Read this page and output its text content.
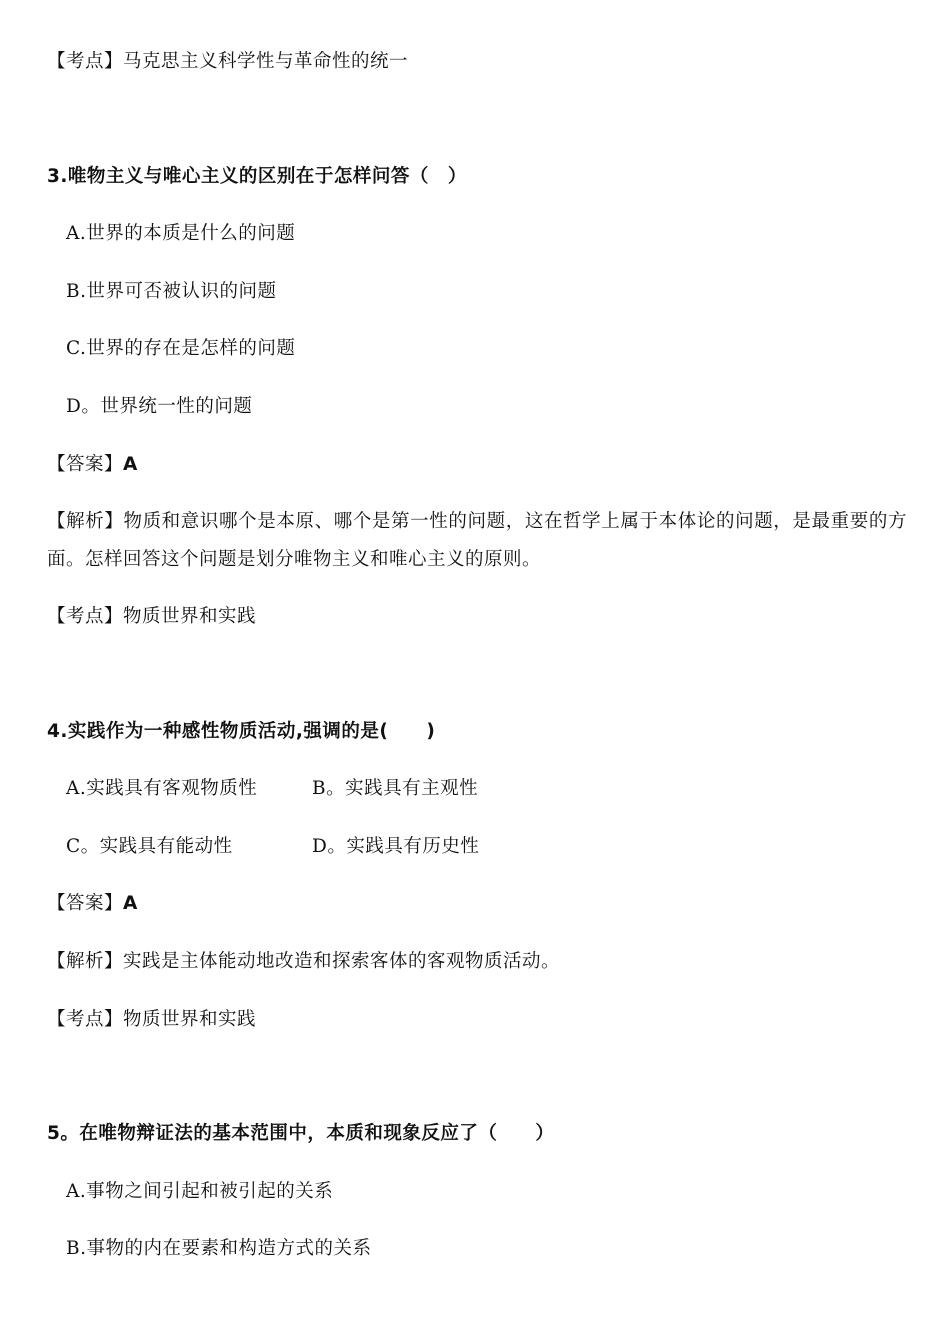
【考点】马克思主义科学性与革命性的统一
3.唯物主义与唯心主义的区别在于怎样问答（　）
A.世界的本质是什么的问题
B.世界可否被认识的问题
C.世界的存在是怎样的问题
D。世界统一性的问题
【答案】A
【解析】物质和意识哪个是本原、哪个是第一性的问题，这在哲学上属于本体论的问题，是最重要的方面。怎样回答这个问题是划分唯物主义和唯心主义的原则。
【考点】物质世界和实践
4.实践作为一种感性物质活动,强调的是(　　)
A.实践具有客观物质性	B。实践具有主观性
C。实践具有能动性	D。实践具有历史性
【答案】A
【解析】实践是主体能动地改造和探索客体的客观物质活动。
【考点】物质世界和实践
5。在唯物辩证法的基本范围中，本质和现象反应了（　　）
A.事物之间引起和被引起的关系
B.事物的内在要素和构造方式的关系
